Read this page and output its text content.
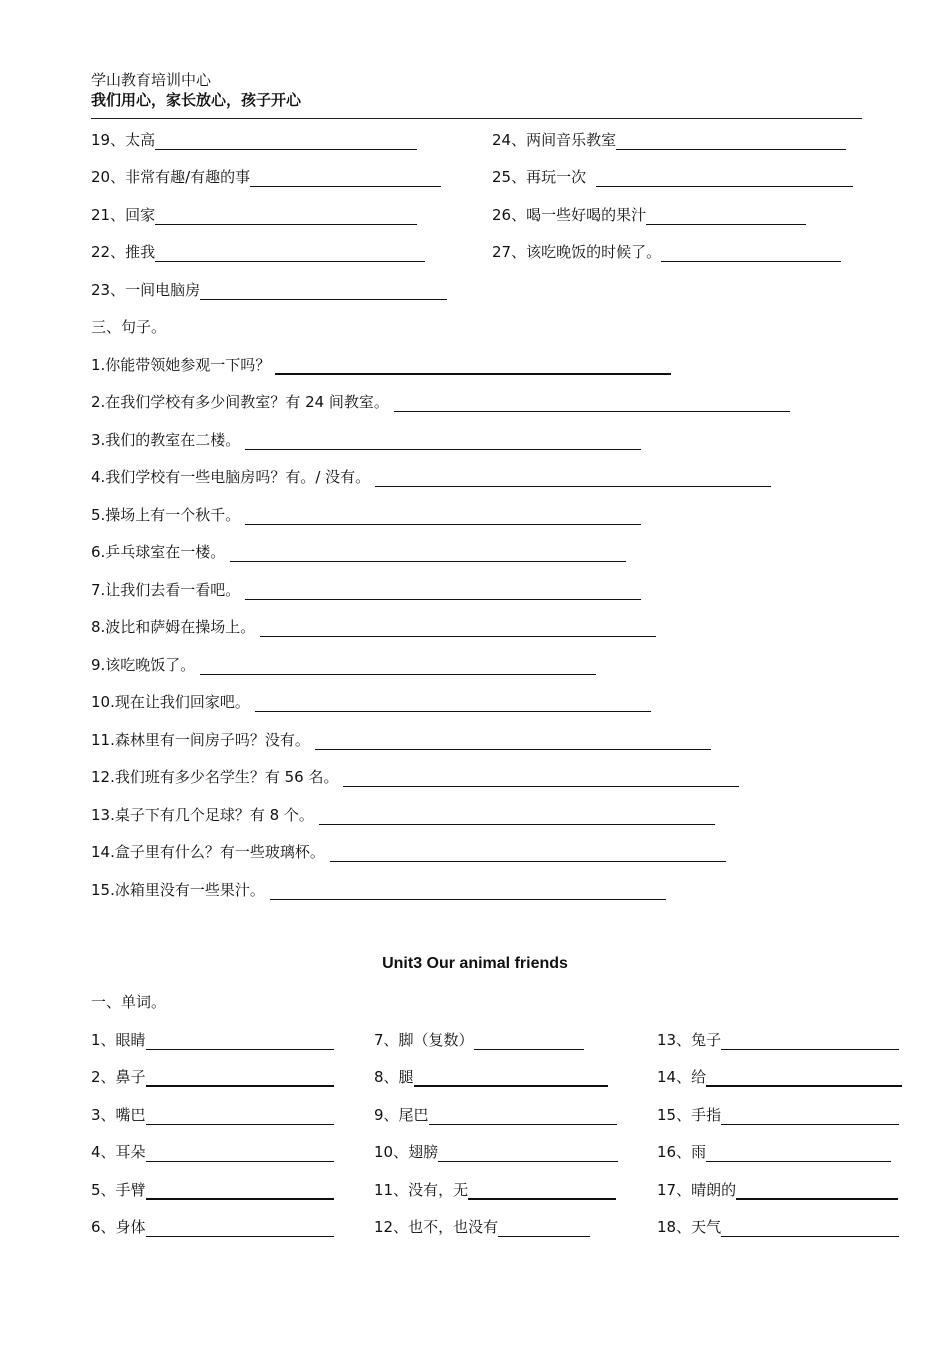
学山教育培训中心
我们用心，家长放心，孩子开心
19、太高
20、非常有趣/有趣的事
21、回家
22、推我
23、一间电脑房
24、两间音乐教室
25、再玩一次
26、喝一些好喝的果汁
27、该吃晚饭的时候了。
三、句子。
1.你能带领她参观一下吗？
2.在我们学校有多少间教室？有 24 间教室。
3.我们的教室在二楼。
4.我们学校有一些电脑房吗？有。/ 没有。
5.操场上有一个秋千。
6.乒乓球室在一楼。
7.让我们去看一看吧。
8.波比和萨姆在操场上。
9.该吃晚饭了。
10.现在让我们回家吧。
11.森林里有一间房子吗？没有。
12.我们班有多少名学生？有 56 名。
13.桌子下有几个足球？有 8 个。
14.盒子里有什么？有一些玻璃杯。
15.冰箱里没有一些果汁。
Unit3 Our animal friends
一、单词。
1、眼睛
2、鼻子
3、嘴巴
4、耳朵
5、手臂
6、身体
7、脚（复数）
8、腿
9、尾巴
10、翅膀
11、没有，无
12、也不，也没有
13、兔子
14、给
15、手指
16、雨
17、晴朗的
18、天气
